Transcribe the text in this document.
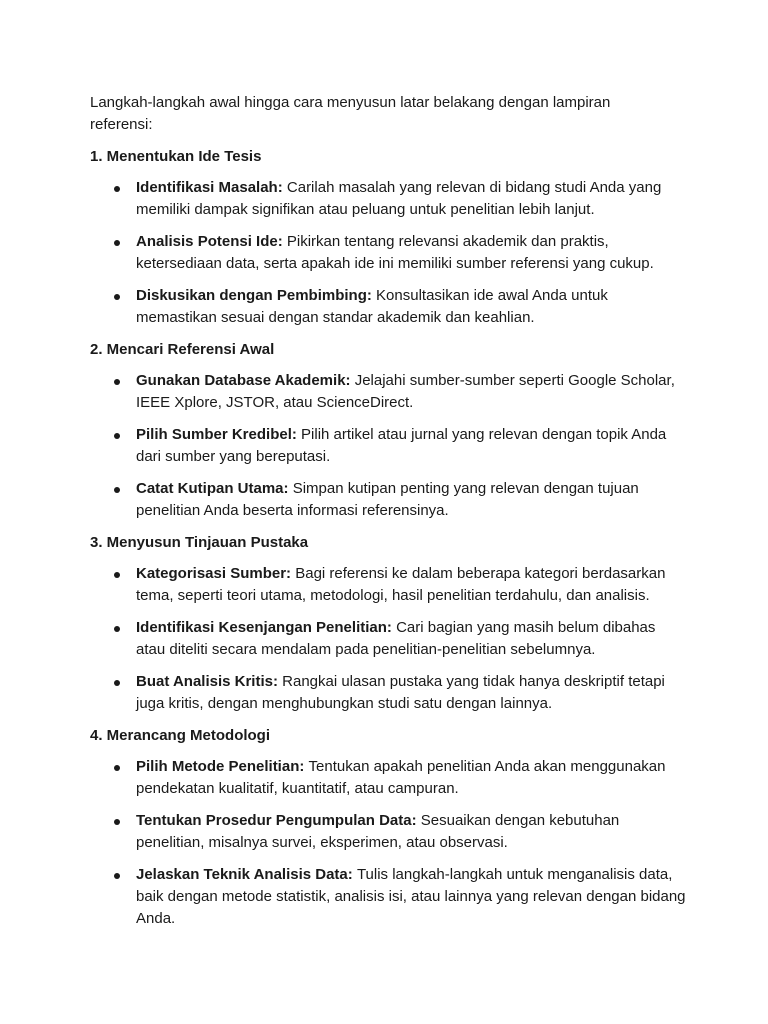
Langkah-langkah awal hingga cara menyusun latar belakang dengan lampiran referensi:

1. Menentukan Ide Tesis

Identifikasi Masalah: Carilah masalah yang relevan di bidang studi Anda yang memiliki dampak signifikan atau peluang untuk penelitian lebih lanjut.
Analisis Potensi Ide: Pikirkan tentang relevansi akademik dan praktis, ketersediaan data, serta apakah ide ini memiliki sumber referensi yang cukup.
Diskusikan dengan Pembimbing: Konsultasikan ide awal Anda untuk memastikan sesuai dengan standar akademik dan keahlian.

2. Mencari Referensi Awal

Gunakan Database Akademik: Jelajahi sumber-sumber seperti Google Scholar, IEEE Xplore, JSTOR, atau ScienceDirect.
Pilih Sumber Kredibel: Pilih artikel atau jurnal yang relevan dengan topik Anda dari sumber yang bereputasi.
Catat Kutipan Utama: Simpan kutipan penting yang relevan dengan tujuan penelitian Anda beserta informasi referensinya.

3. Menyusun Tinjauan Pustaka

Kategorisasi Sumber: Bagi referensi ke dalam beberapa kategori berdasarkan tema, seperti teori utama, metodologi, hasil penelitian terdahulu, dan analisis.
Identifikasi Kesenjangan Penelitian: Cari bagian yang masih belum dibahas atau diteliti secara mendalam pada penelitian-penelitian sebelumnya.
Buat Analisis Kritis: Rangkai ulasan pustaka yang tidak hanya deskriptif tetapi juga kritis, dengan menghubungkan studi satu dengan lainnya.

4. Merancang Metodologi

Pilih Metode Penelitian: Tentukan apakah penelitian Anda akan menggunakan pendekatan kualitatif, kuantitatif, atau campuran.
Tentukan Prosedur Pengumpulan Data: Sesuaikan dengan kebutuhan penelitian, misalnya survei, eksperimen, atau observasi.
Jelaskan Teknik Analisis Data: Tulis langkah-langkah untuk menganalisis data, baik dengan metode statistik, analisis isi, atau lainnya yang relevan dengan bidang Anda.
